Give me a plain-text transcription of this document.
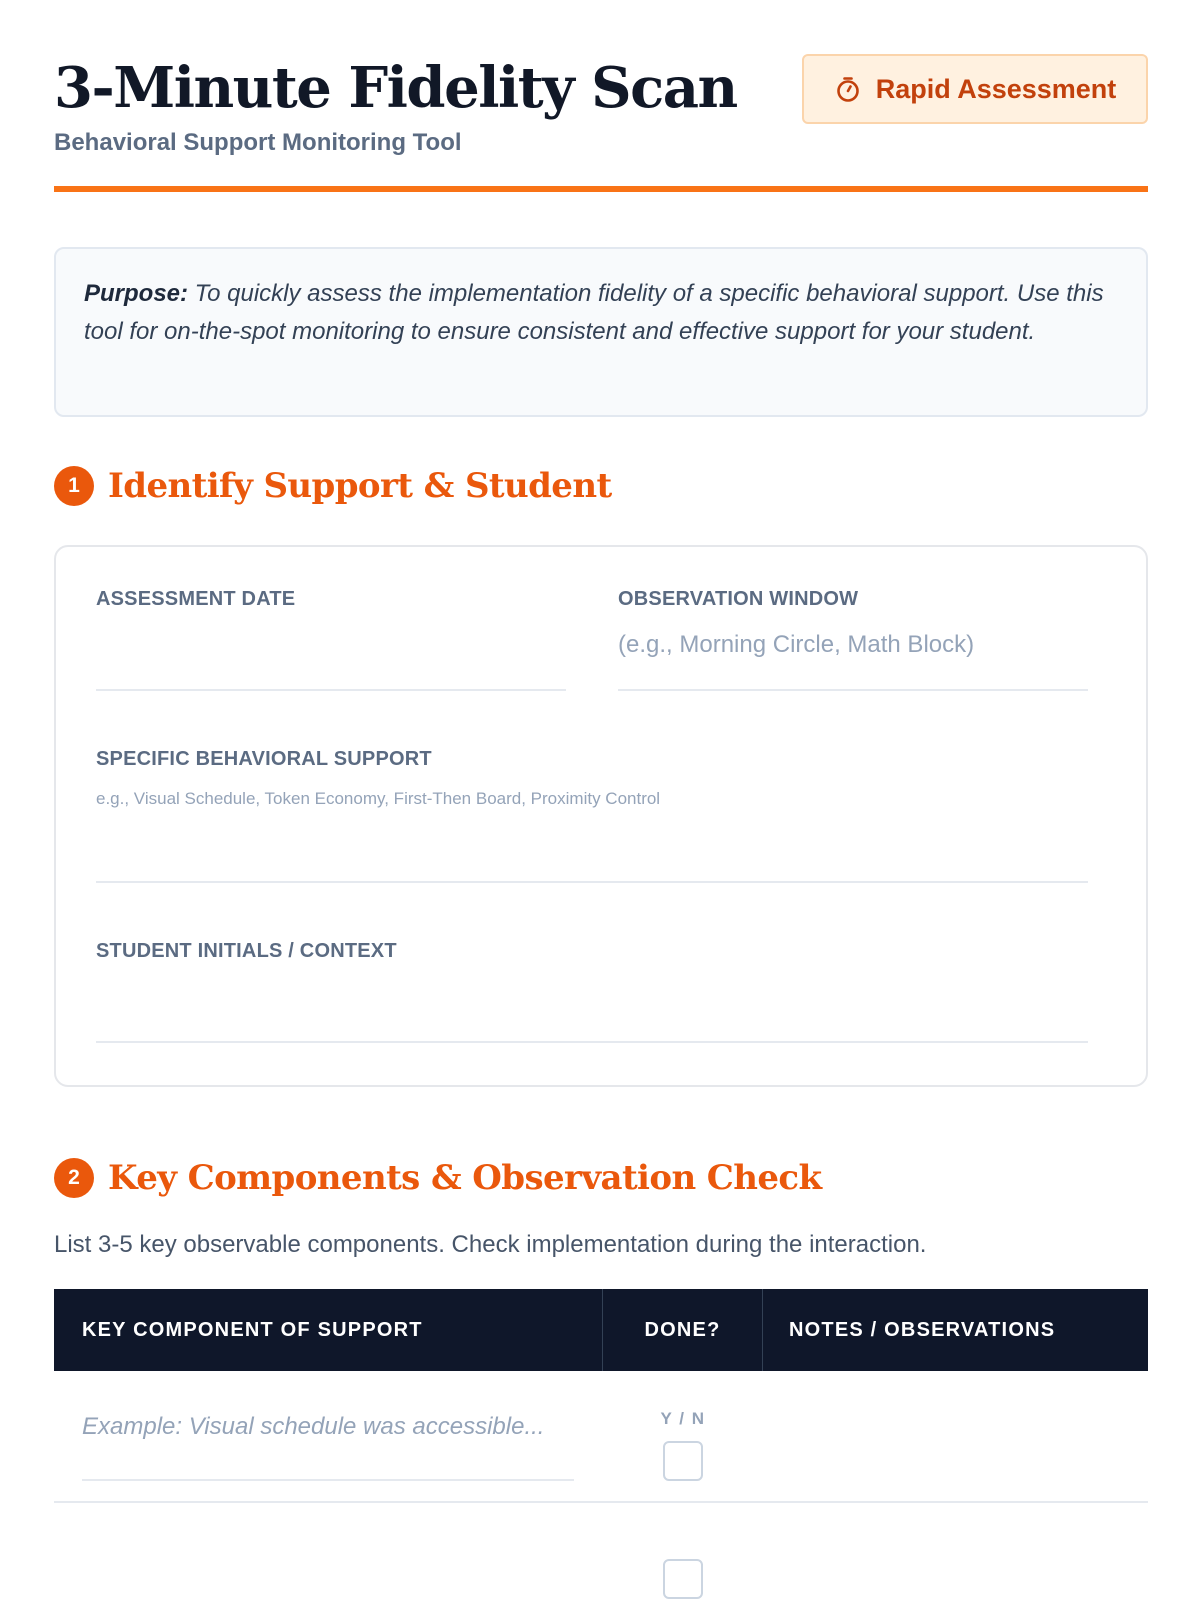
3-Minute Fidelity Scan
Behavioral Support Monitoring Tool
Rapid Assessment
Purpose: To quickly assess the implementation fidelity of a specific behavioral support. Use this tool for on-the-spot monitoring to ensure consistent and effective support for your student.
1 Identify Support & Student
ASSESSMENT DATE	OBSERVATION WINDOW
(e.g., Morning Circle, Math Block)
SPECIFIC BEHAVIORAL SUPPORT
e.g., Visual Schedule, Token Economy, First-Then Board, Proximity Control
STUDENT INITIALS / CONTEXT
2 Key Components & Observation Check
List 3-5 key observable components. Check implementation during the interaction.
KEY COMPONENT OF SUPPORT	DONE?	NOTES / OBSERVATIONS
Example: Visual schedule was accessible...	Y / N
